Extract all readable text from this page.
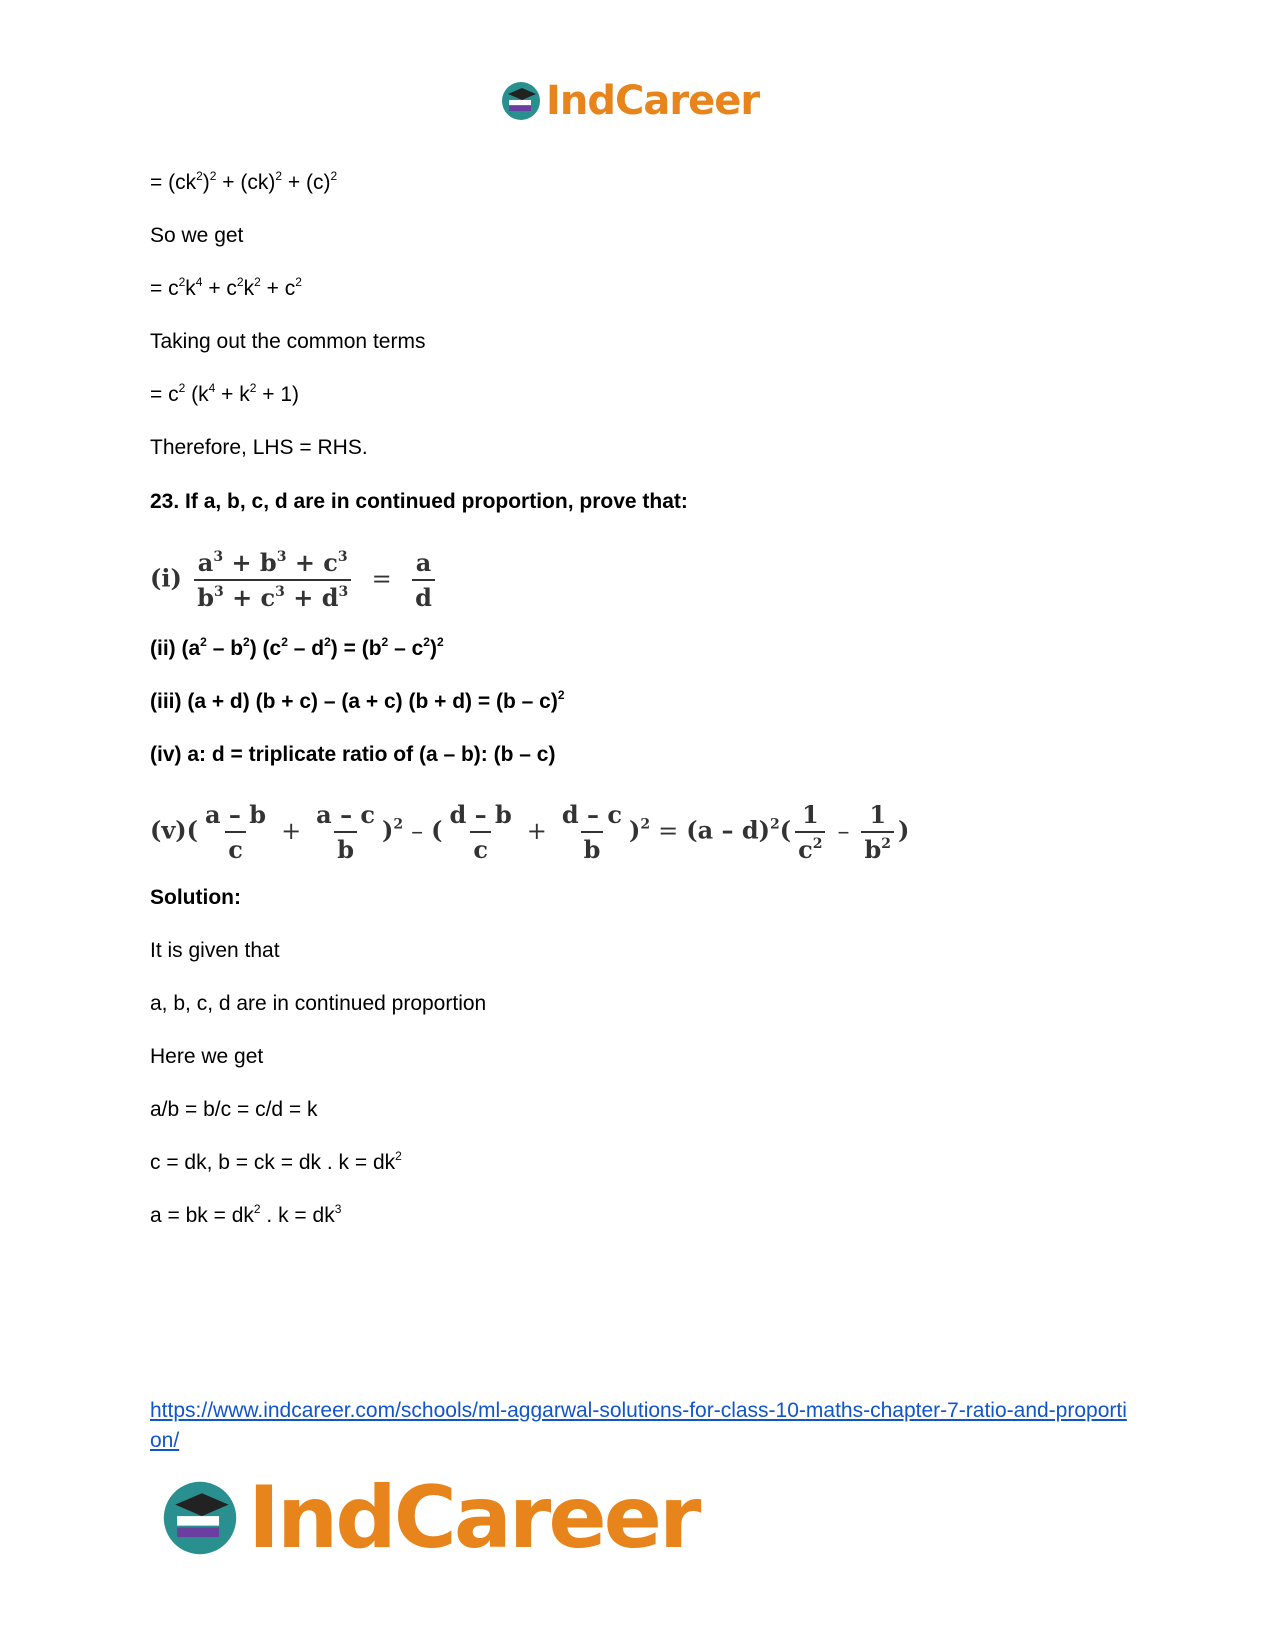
IndCareer
= $(ck^2)^2 + (ck)^2 + (c)^2$
So we get
= $c^2k^4 + c^2k^2 + c^2$
Taking out the common terms
= $c^2$ $(k^4 + k^2 + 1)$
Therefore, LHS = RHS.
23. If a, b, c, d are in continued proportion, prove that:
$(i) \frac{a^3 + b^3 + c^3}{b^3 + c^3 + d^3} = \frac{a}{d}$
(ii) $(a^2 - b^2)$ $(c^2 - d^2) = (b^2 - c^2)^2$
(iii) (a + d) (b + c) – (a + c) (b + d) = (b – c)$^2$
(iv) a: d = triplicate ratio of (a – b): (b – c)
$(v)( \frac{a - b}{c} + \frac{a - c}{b} )^2$ – ( $\frac{d - b}{c} + \frac{d - c}{b} )^2 = (a - d)^2( \frac{1}{c^2} - \frac{1}{b^2}$ )
Solution:
It is given that
a, b, c, d are in continued proportion
Here we get
a/b = b/c = c/d = k
c = dk, b = ck = dk . $k = dk^2$
a = bk = $dk^2$ . $k = dk^3$
https://www.indcareer.com/schools/ml-aggarwal-solutions-for-class-10-maths-chapter-7-ratio-and-proportion/
IndCareer
